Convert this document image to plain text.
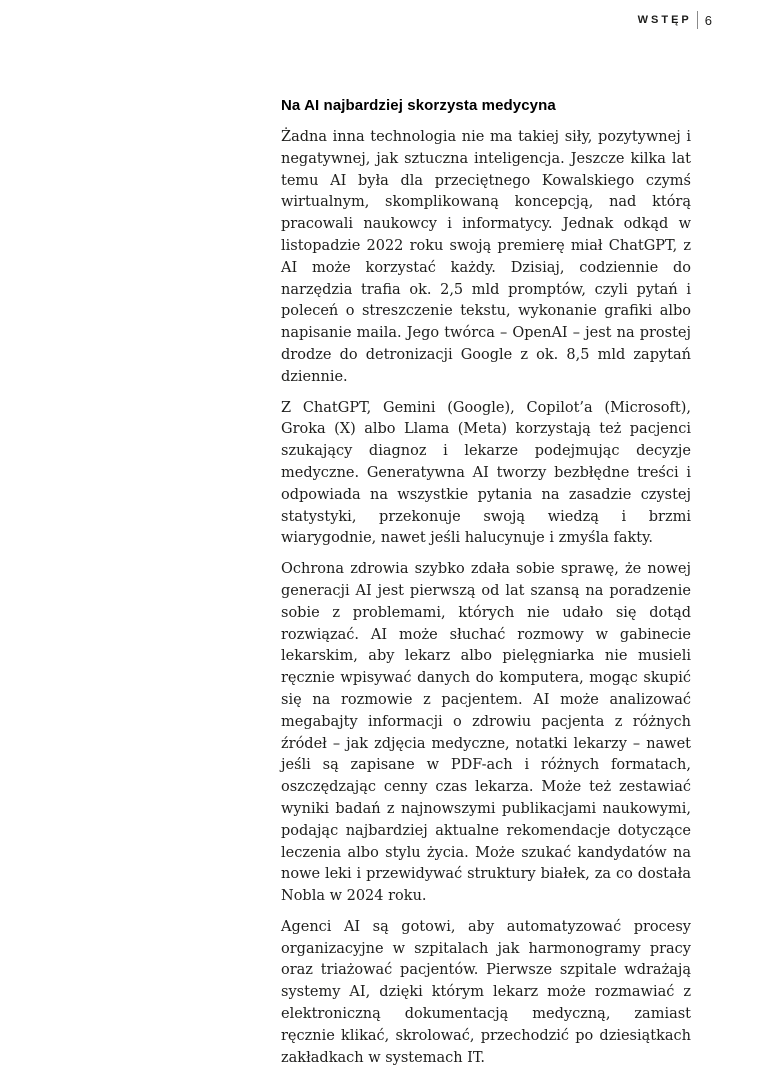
WSTĘP 6
Na AI najbardziej skorzysta medycyna

Żadna inna technologia nie ma takiej siły, pozytywnej i negatywnej, jak sztuczna inteligencja. Jeszcze kilka lat temu AI była dla przeciętnego Kowalskiego czymś wirtualnym, skomplikowaną koncepcją, nad którą pracowali naukowcy i informatycy. Jednak odkąd w listopadzie 2022 roku swoją premierę miał ChatGPT, z AI może korzystać każdy. Dzisiaj, codziennie do narzędzia trafia ok. 2,5 mld promptów, czyli pytań i poleceń o streszczenie tekstu, wykonanie grafiki albo napisanie maila. Jego twórca – OpenAI – jest na prostej drodze do detronizacji Google z ok. 8,5 mld zapytań dziennie.

Z ChatGPT, Gemini (Google), Copilot’a (Microsoft), Groka (X) albo Llama (Meta) korzystają też pacjenci szukający diagnoz i lekarze podejmując decyzje medyczne. Generatywna AI tworzy bezbłędne treści i odpowiada na wszystkie pytania na zasadzie czystej statystyki, przekonuje swoją wiedzą i brzmi wiarygodnie, nawet jeśli halucynuje i zmyśla fakty.

Ochrona zdrowia szybko zdała sobie sprawę, że nowej generacji AI jest pierwszą od lat szansą na poradzenie sobie z problemami, których nie udało się dotąd rozwiązać. AI może słuchać rozmowy w gabinecie lekarskim, aby lekarz albo pielęgniarka nie musieli ręcznie wpisywać danych do komputera, mogąc skupić się na rozmowie z pacjentem. AI może analizować megabajty informacji o zdrowiu pacjenta z różnych źródeł – jak zdjęcia medyczne, notatki lekarzy – nawet jeśli są zapisane w PDF-ach i różnych formatach, oszczędzając cenny czas lekarza. Może też zestawiać wyniki badań z najnowszymi publikacjami naukowymi, podając najbardziej aktualne rekomendacje dotyczące leczenia albo stylu życia. Może szukać kandydatów na nowe leki i przewidywać struktury białek, za co dostała Nobla w 2024 roku.

Agenci AI są gotowi, aby automatyzować procesy organizacyjne w szpitalach jak harmonogramy pracy oraz triażować pacjentów. Pierwsze szpitale wdrażają systemy AI, dzięki którym lekarz może rozmawiać z elektroniczną dokumentacją medyczną, zamiast ręcznie klikać, skrolować, przechodzić po dziesiątkach zakładkach w systemach IT.
